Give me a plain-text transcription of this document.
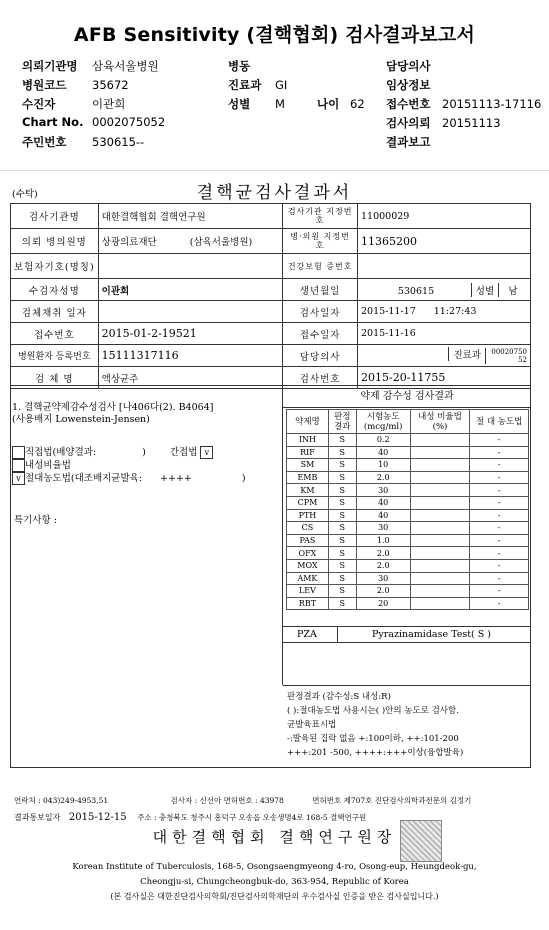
AFB Sensitivity (결핵협회) 검사결과보고서
의뢰기관명 삼육서울병원
병원코드 35672
수진자	이관희
Chart No. 0002075052
주민번호 530615--
병동
진료과 GI
성별 M	나이 62
담당의사
임상정보
접수번호 20151113-17116
검사의뢰 20151113
결과보고
(수탁)	결핵균검사결과서
검사기관명	대한결핵협회 결핵연구원	검사기관 지정번호	11000029
의뢰 병의원명	상광의료재단 (삼육서울병원)	병·의원 지정번호	11365200
보험자기호(명칭)		건강보험 증번호	
수검자성명	이관희	생년월일	530615 성별 남
검체채취 일자		검사일자	2015-11-17 11:27:43
접수번호	2015-01-2-19521	접수일자	2015-11-16
병원환자 등록번호	15111317116	담당의사	진료과 0002075052
검 체 명	액상균주	검사번호	2015-20-11755
1. 결핵균약제감수성검사 [나406다(2). B4064]
(사용배지 Lowenstein-Jensen)
직접법(배양결과:	)	간접법 v
내성비율법
v 절대농도법(대조배지균발육: ++++	)
특기사항 :
약제 감수성 검사결과
약제명	판정 결과	시험농도 (mcg/ml)	내성 비율법(%)	절 대 농도법
INH	S	0.2		-
RIF	S	40		-
SM	S	10		-
EMB	S	2.0		-
KM	S	30		-
CPM	S	40		-
PTH	S	40		-
CS	S	30		-
PAS	S	1.0		-
OFX	S	2.0		-
MOX	S	2.0		-
AMK	S	30		-
LEV	S	2.0		-
RBT	S	20		-
PZA	Pyrazinamidase Test( S )
판정결과 (감수성:S 내성:R)
( ):절대농도법 사용시는( )안의 농도로 검사함.
균발육표시법
-:발육된 집락 없음 +:100이하, ++:101-200
+++:201 -500, ++++:+++이상(융합발육)
연락처 : 043)249-4953,51	검사자 : 신선아 면허번호 : 43978	면허번호 제707호 진단검사의학과전문의 김정기
결과통보일자 2015-12-15 주소 : 충청북도 청주시 흥덕구 오송읍 오송생명4로 168-5 결핵연구원
대한결핵협회 결핵연구원장
Korean Institute of Tuberculosis, 168-5, Osongsaengmyeong 4-ro, Osong-eup, Heungdeok-gu,
Cheongju-si, Chungcheongbuk-do, 363-954, Republic of Korea
(본 검사실은 대한진단검사의학회/진단검사의학재단의 우수검사실 인증을 받은 검사실입니다.)
